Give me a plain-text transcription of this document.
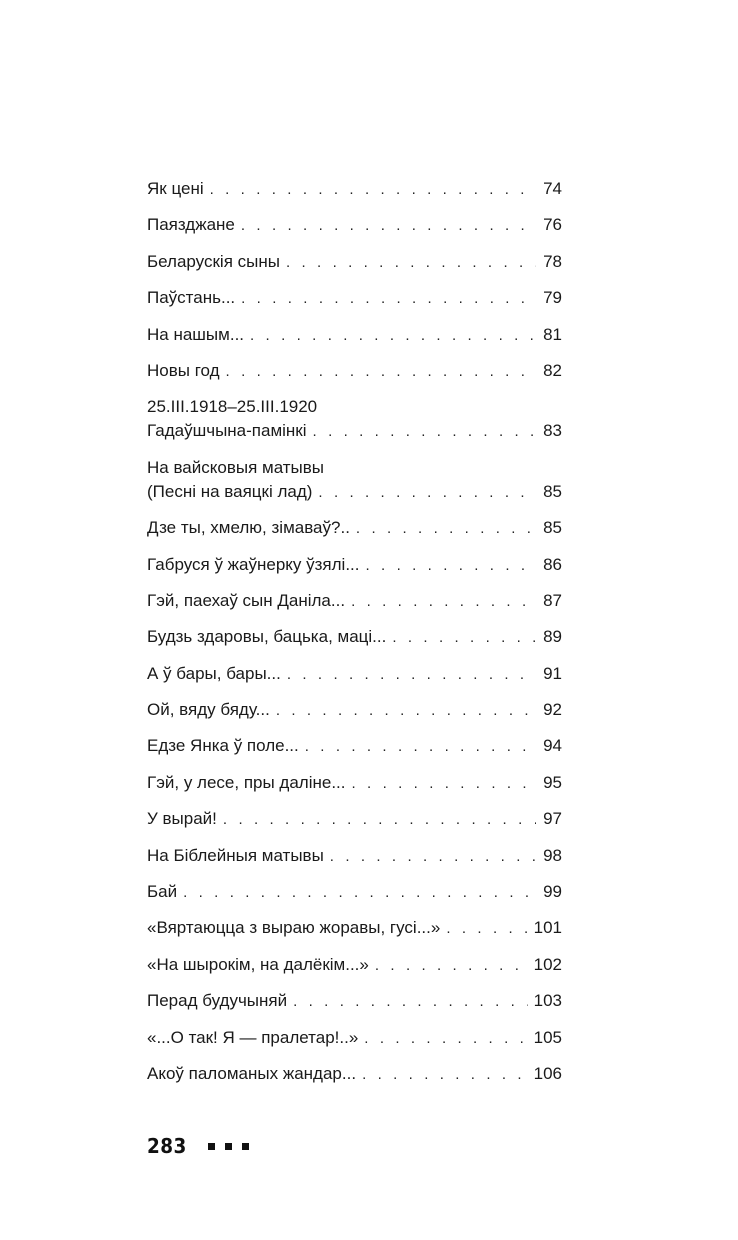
Як цені . . .	74
Паязджане . . .	76
Беларускія сыны . . .	78
Паўстань... . . .	79
На нашым... . . .	81
Новы год . . .	82
25.III.1918–25.III.1920
Гадаўшчына-памінкі . . .	83
На вайсковыя матывы
(Песні на ваяцкі лад) . . .	85
Дзе ты, хмелю, зімаваў?.. . . .	85
Габруся ў жаўнерку ўзялі... . . .	86
Гэй, паехаў сын Даніла... . . .	87
Будзь здаровы, бацька, маці... . . .	89
А ў бары, бары... . . .	91
Ой, вяду бяду... . . .	92
Едзе Янка ў поле... . . .	94
Гэй, у лесе, пры даліне... . . .	95
У вырай! . . .	97
На Біблейныя матывы . . .	98
Бай . . .	99
«Вяртаюцца з выраю жоравы, гусі...» . . .	101
«На шырокім, на далёкім...» . . .	102
Перад будучыняй . . .	103
«...О так! Я — пралетар!..» . . .	105
Акоў паломаных жандар... . . .	106
283
